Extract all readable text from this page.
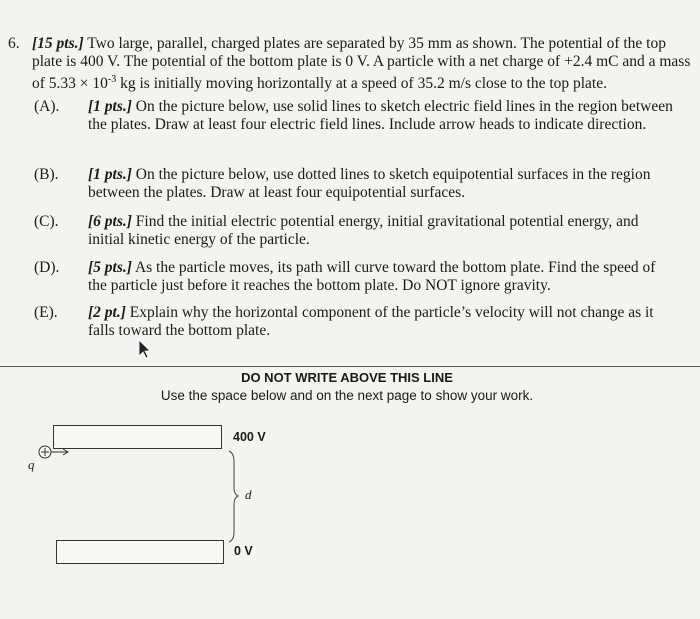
6. [15 pts.] Two large, parallel, charged plates are separated by 35 mm as shown. The potential of the top plate is 400 V. The potential of the bottom plate is 0 V. A particle with a net charge of +2.4 mC and a mass of $5.33 \times 10^{-3}$ kg is initially moving horizontally at a speed of 35.2 m/s close to the top plate.
(A). [1 pts.] On the picture below, use solid lines to sketch electric field lines in the region between the plates. Draw at least four electric field lines. Include arrow heads to indicate direction.
(B). [1 pts.] On the picture below, use dotted lines to sketch equipotential surfaces in the region between the plates. Draw at least four equipotential surfaces.
(C). [6 pts.] Find the initial electric potential energy, initial gravitational potential energy, and initial kinetic energy of the particle.
(D). [5 pts.] As the particle moves, its path will curve toward the bottom plate. Find the speed of the particle just before it reaches the bottom plate. Do NOT ignore gravity.
(E). [2 pt.] Explain why the horizontal component of the particle’s velocity will not change as it falls toward the bottom plate.
DO NOT WRITE ABOVE THIS LINE
Use the space below and on the next page to show your work.
400 V
0 V
d
q
